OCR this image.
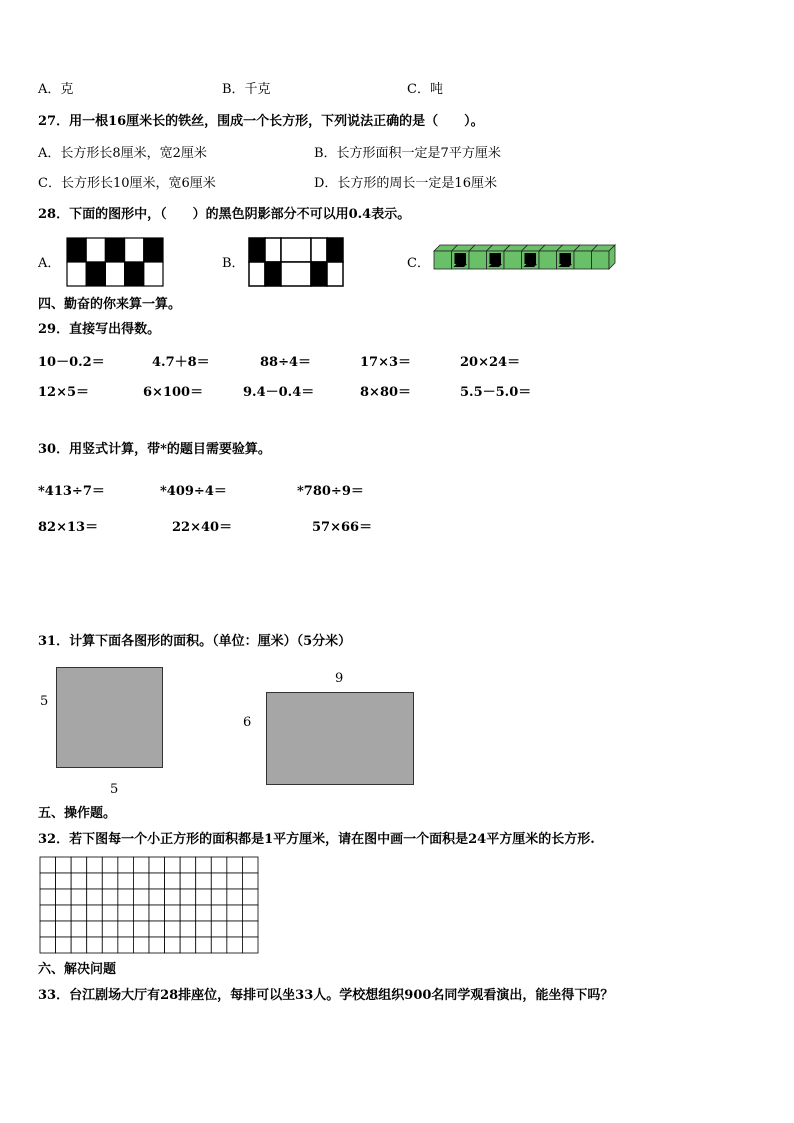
A．克	B．千克	C．吨
27．用一根16厘米长的铁丝，围成一个长方形，下列说法正确的是（　　）。
A．长方形长8厘米，宽2厘米	B．长方形面积一定是7平方厘米
C．长方形长10厘米，宽6厘米	D．长方形的周长一定是16厘米
28．下面的图形中，（　　）的黑色阴影部分不可以用0.4表示。
A．	B．	C．
四、勤奋的你来算一算。
29．直接写出得数。
10－0.2＝	4.7＋8＝	88÷4＝	17×3＝	20×24＝
12×5＝	6×100＝	9.4－0.4＝	8×80＝	5.5－5.0＝
30．用竖式计算，带*的题目需要验算。
*413÷7＝	*409÷4＝	*780÷9＝
82×13＝	22×40＝	57×66＝
31．计算下面各图形的面积。（单位：厘米）（5分米）
5
5
9
6
五、操作题。
32．若下图每一个小正方形的面积都是1平方厘米，请在图中画一个面积是24平方厘米的长方形.
六、解决问题
33．台江剧场大厅有28排座位，每排可以坐33人。学校想组织900名同学观看演出，能坐得下吗？
